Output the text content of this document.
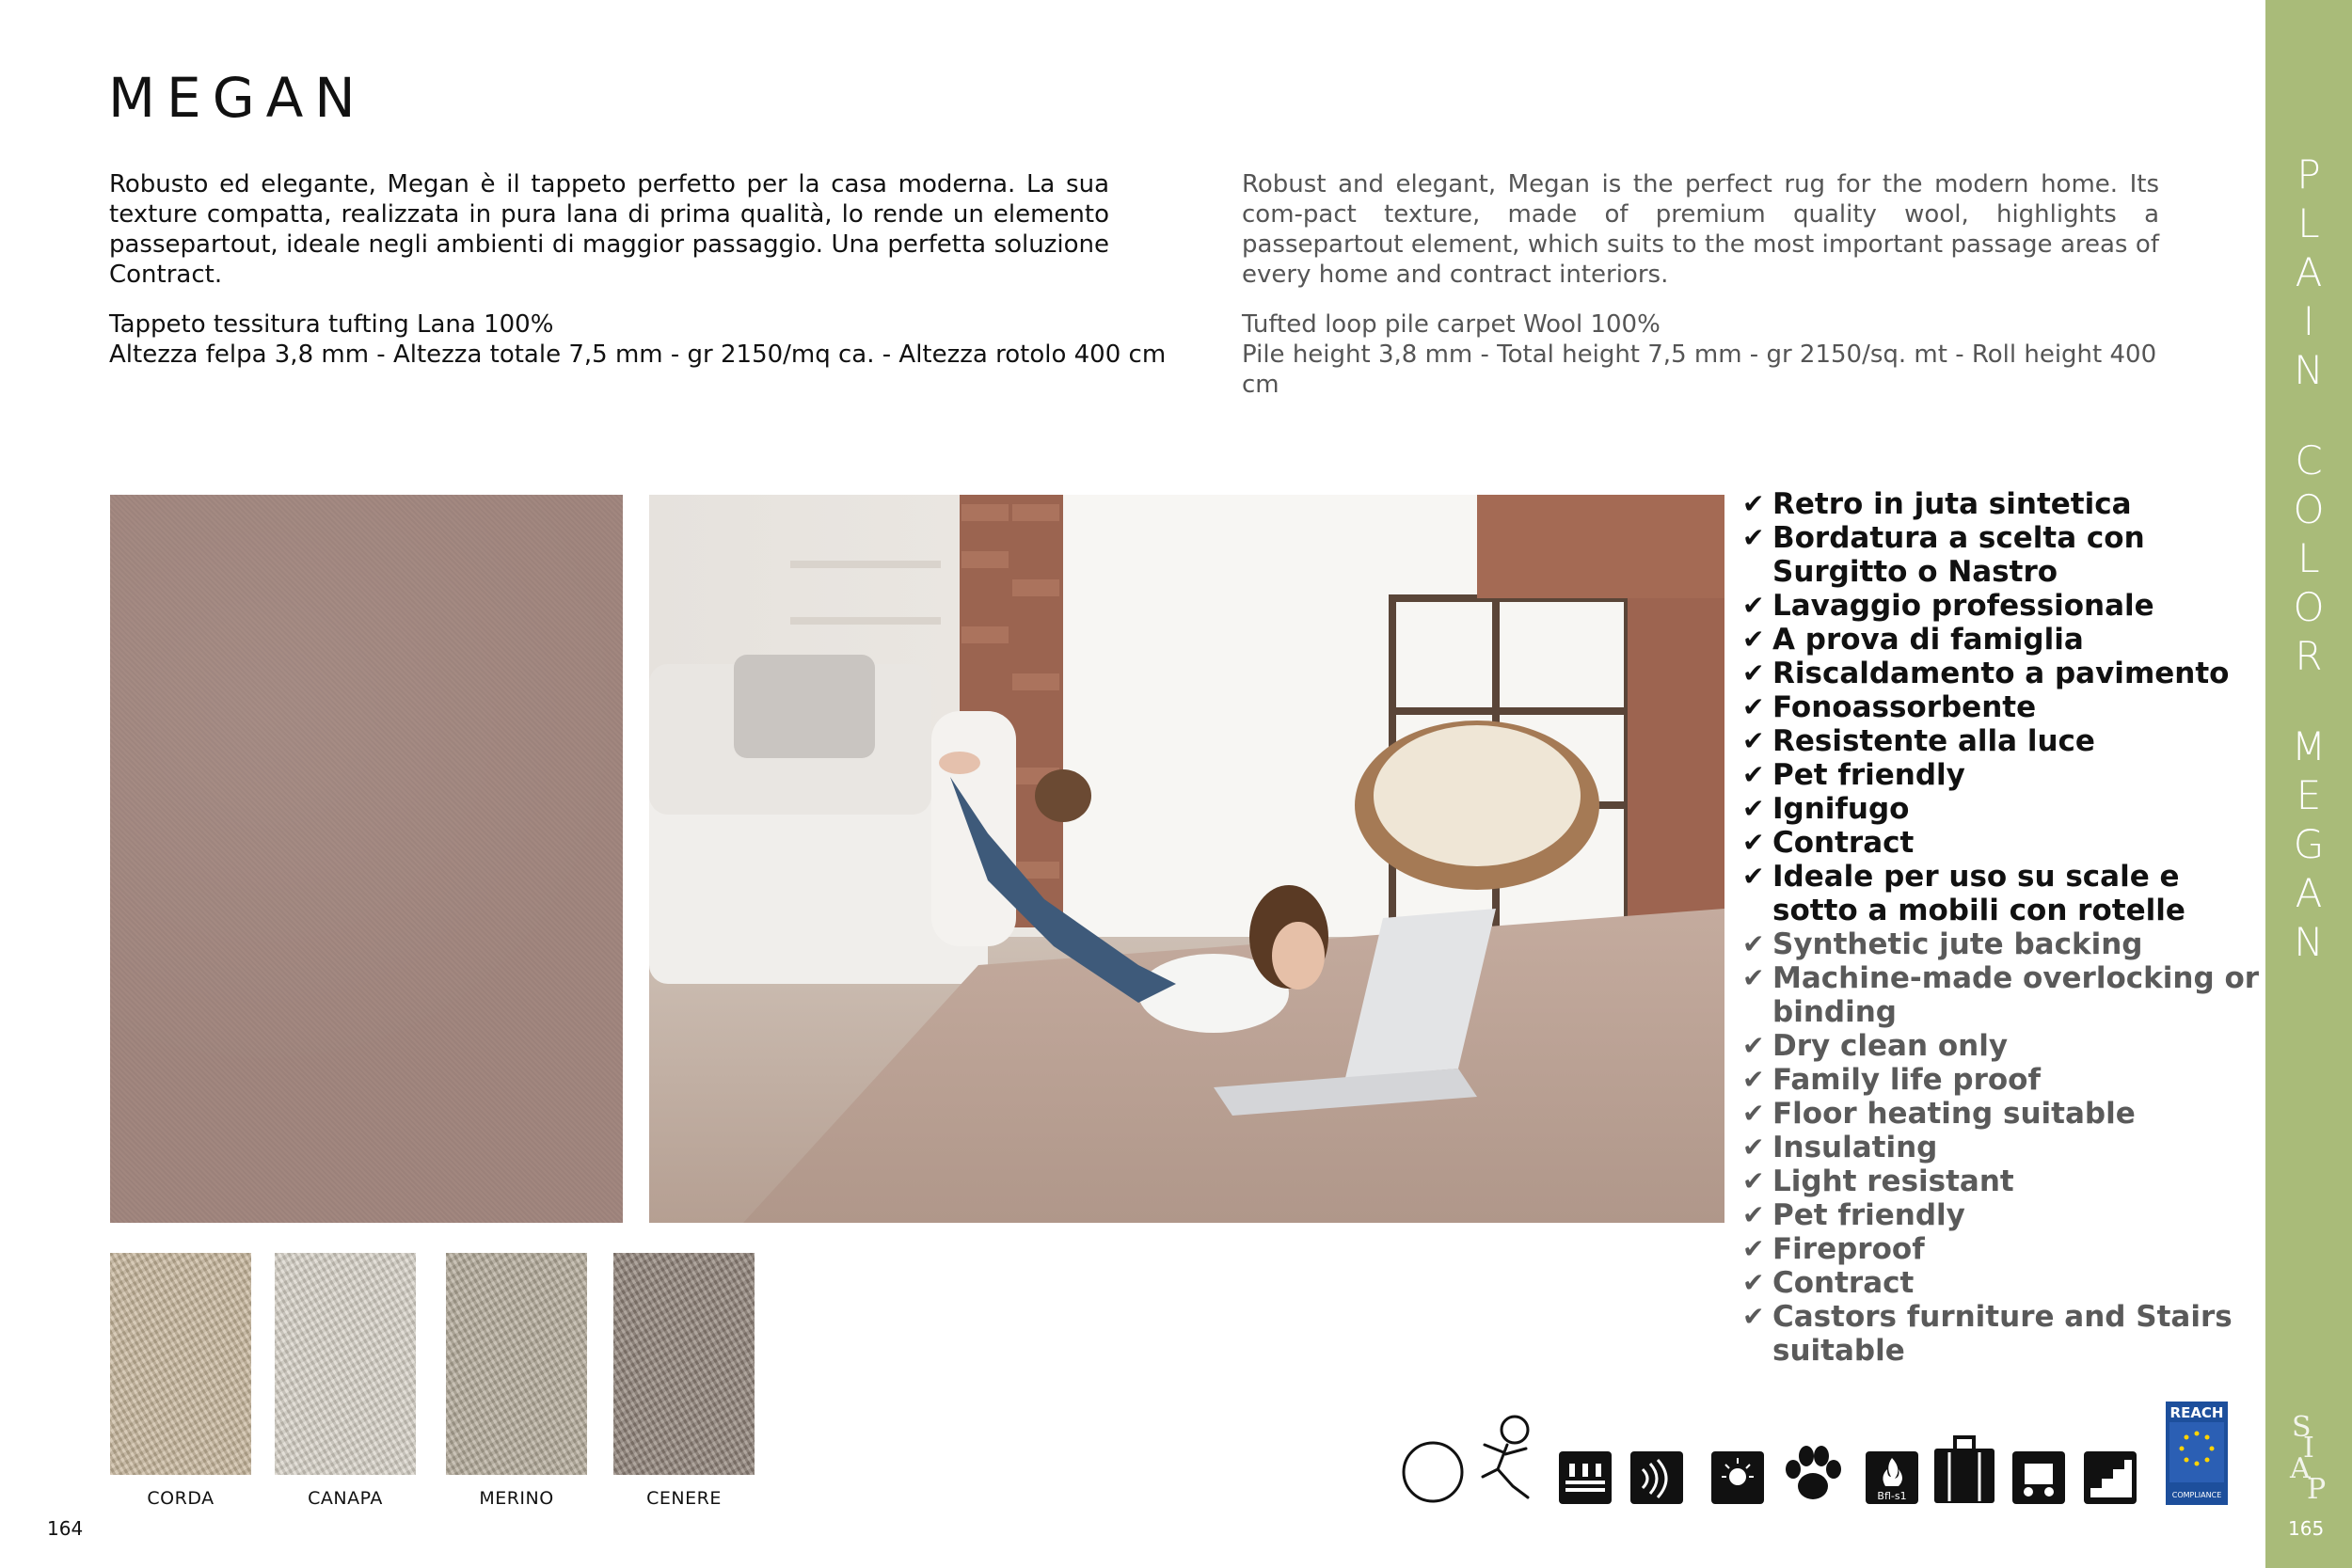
MEGAN
Robusto ed elegante, Megan è il tappeto perfetto per la casa moderna. La sua texture compatta, realizzata in pura lana di prima qualità, lo rende un elemento passepartout, ideale negli ambienti di maggior passaggio. Una perfetta soluzione Contract.
Robust and elegant, Megan is the perfect rug for the modern home. Its com-pact texture, made of premium quality wool, highlights a passepartout element, which suits to the most important passage areas of every home and contract interiors.
Tappeto tessitura tufting Lana 100%
Altezza felpa 3,8 mm - Altezza totale 7,5 mm - gr 2150/mq ca. - Altezza rotolo 400 cm
Tufted loop pile carpet Wool 100%
Pile height 3,8 mm - Total height 7,5 mm - gr 2150/sq. mt - Roll height 400 cm
✔ Retro in juta sintetica
✔ Bordatura a scelta con Surgitto o Nastro
✔ Lavaggio professionale
✔ A prova di famiglia
✔ Riscaldamento a pavimento
✔ Fonoassorbente
✔ Resistente alla luce
✔ Pet friendly
✔ Ignifugo
✔ Contract
✔ Ideale per uso su scale e sotto a mobili con rotelle
✔ Synthetic jute backing
✔ Machine-made overlocking or binding
✔ Dry clean only
✔ Family life proof
✔ Floor heating suitable
✔ Insulating
✔ Light resistant
✔ Pet friendly
✔ Fireproof
✔ Contract
✔ Castors furniture and Stairs suitable
CORDA	CANAPA	MERINO	CENERE	Bfl-s1
REACH
COMPLIANCE
P
L
A
I
N
C
O
L
O
R
M
E
G
A
N
S
I
A
P
164	165
